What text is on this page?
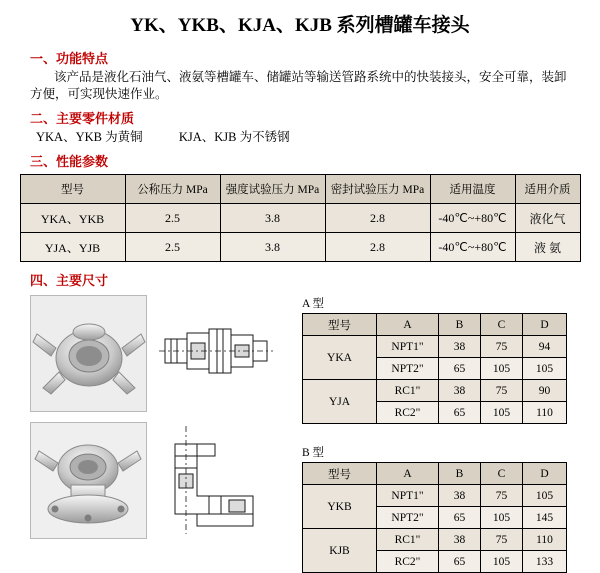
YK、YKB、KJA、KJB 系列槽罐车接头
一、功能特点
该产品是液化石油气、液氨等槽罐车、储罐站等输送管路系统中的快装接头，安全可靠，装卸方便，可实现快速作业。
二、主要零件材质
YKA、YKB 为黄铜	KJA、KJB 为不锈钢
三、性能参数
型号	公称压力 MPa	强度试验压力 MPa	密封试验压力 MPa	适用温度	适用介质
YKA、YKB	2.5	3.8	2.8	-40℃~+80℃	液化气
YJA、YJB	2.5	3.8	2.8	-40℃~+80℃	液 氨
四、主要尺寸

A 型
型号	A	B	C	D
YKA	NPT1"	38	75	94
	NPT2"	65	105	105
YJA	RC1"	38	75	90
	RC2"	65	105	110
B 型
型号	A	B	C	D
YKB	NPT1"	38	75	105
	NPT2"	65	105	145
KJB	RC1"	38	75	110
	RC2"	65	105	133
